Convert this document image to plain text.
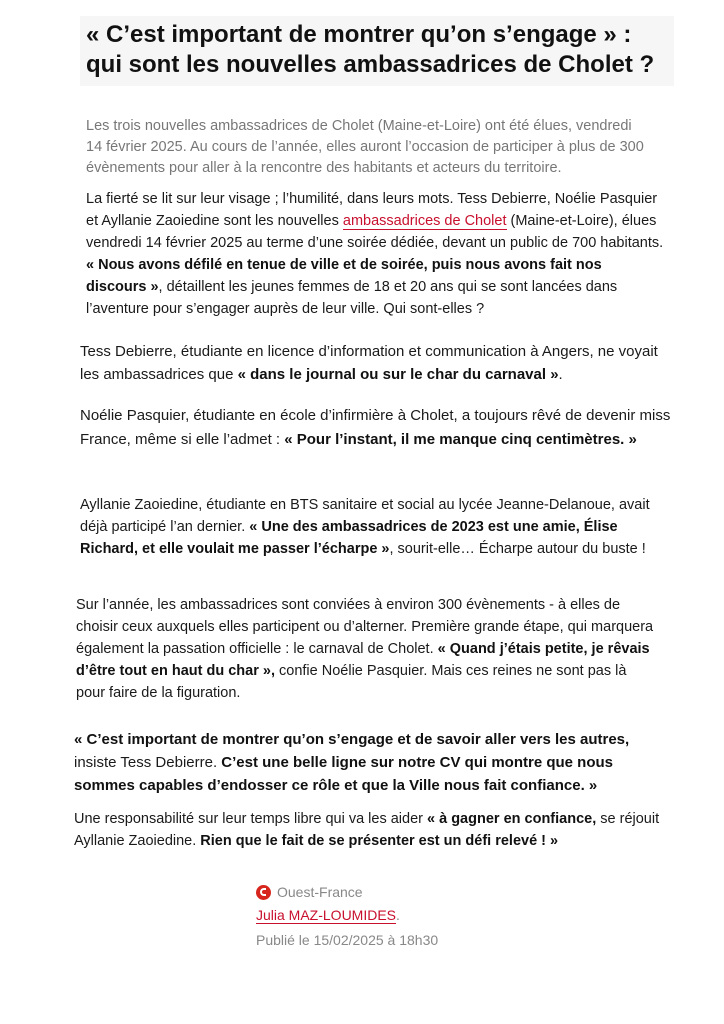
« C’est important de montrer qu’on s’engage » : qui sont les nouvelles ambassadrices de Cholet ?

Les trois nouvelles ambassadrices de Cholet (Maine-et-Loire) ont été élues, vendredi 14 février 2025. Au cours de l’année, elles auront l’occasion de participer à plus de 300 évènements pour aller à la rencontre des habitants et acteurs du territoire.

La fierté se lit sur leur visage ; l’humilité, dans leurs mots. Tess Debierre, Noélie Pasquier et Ayllanie Zaoiedine sont les nouvelles ambassadrices de Cholet (Maine-et-Loire), élues vendredi 14 février 2025 au terme d’une soirée dédiée, devant un public de 700 habitants. « Nous avons défilé en tenue de ville et de soirée, puis nous avons fait nos discours », détaillent les jeunes femmes de 18 et 20 ans qui se sont lancées dans l’aventure pour s’engager auprès de leur ville. Qui sont-elles ?

Tess Debierre, étudiante en licence d’information et communication à Angers, ne voyait les ambassadrices que « dans le journal ou sur le char du carnaval ».

Noélie Pasquier, étudiante en école d’infirmière à Cholet, a toujours rêvé de devenir miss France, même si elle l’admet : « Pour l’instant, il me manque cinq centimètres. »

Ayllanie Zaoiedine, étudiante en BTS sanitaire et social au lycée Jeanne-Delanoue, avait déjà participé l’an dernier. « Une des ambassadrices de 2023 est une amie, Élise Richard, et elle voulait me passer l’écharpe », sourit-elle… Écharpe autour du buste !

Sur l’année, les ambassadrices sont conviées à environ 300 évènements - à elles de choisir ceux auxquels elles participent ou d’alterner. Première grande étape, qui marquera également la passation officielle : le carnaval de Cholet. « Quand j’étais petite, je rêvais d’être tout en haut du char », confie Noélie Pasquier. Mais ces reines ne sont pas là pour faire de la figuration.

« C’est important de montrer qu’on s’engage et de savoir aller vers les autres, insiste Tess Debierre. C’est une belle ligne sur notre CV qui montre que nous sommes capables d’endosser ce rôle et que la Ville nous fait confiance. »

Une responsabilité sur leur temps libre qui va les aider « à gagner en confiance, se réjouit Ayllanie Zaoiedine. Rien que le fait de se présenter est un défi relevé ! »

Ouest-France
Julia MAZ-LOUMIDES.
Publié le 15/02/2025 à 18h30
